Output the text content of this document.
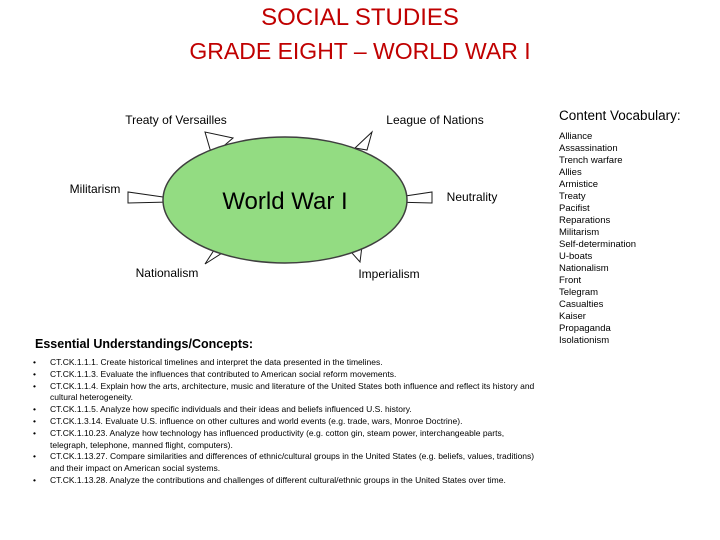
SOCIAL STUDIES
GRADE EIGHT – WORLD WAR I
World War I
Treaty of Versailles	League of Nations
Militarism
Neutrality
Nationalism	Imperialism
Content Vocabulary:
Alliance
Assassination
Trench warfare
Allies
Armistice
Treaty
Pacifist
Reparations
Militarism
Self-determination
U-boats
Nationalism
Front
Telegram
Casualties
Kaiser
Propaganda
Isolationism
Essential Understandings/Concepts:
• CT.CK.1.1.1. Create historical timelines and interpret the data presented in the timelines.
• CT.CK.1.1.3. Evaluate the influences that contributed to American social reform movements.
• CT.CK.1.1.4. Explain how the arts, architecture, music and literature of the United States both influence and reflect its history and cultural heterogeneity.
• CT.CK.1.1.5. Analyze how specific individuals and their ideas and beliefs influenced U.S. history.
• CT.CK.1.3.14. Evaluate U.S. influence on other cultures and world events (e.g. trade, wars, Monroe Doctrine).
• CT.CK.1.10.23. Analyze how technology has influenced productivity (e.g. cotton gin, steam power, interchangeable parts, telegraph, telephone, manned flight, computers).
• CT.CK.1.13.27. Compare similarities and differences of ethnic/cultural groups in the United States (e.g. beliefs, values, traditions) and their impact on American social systems.
• CT.CK.1.13.28. Analyze the contributions and challenges of different cultural/ethnic groups in the United States over time.
